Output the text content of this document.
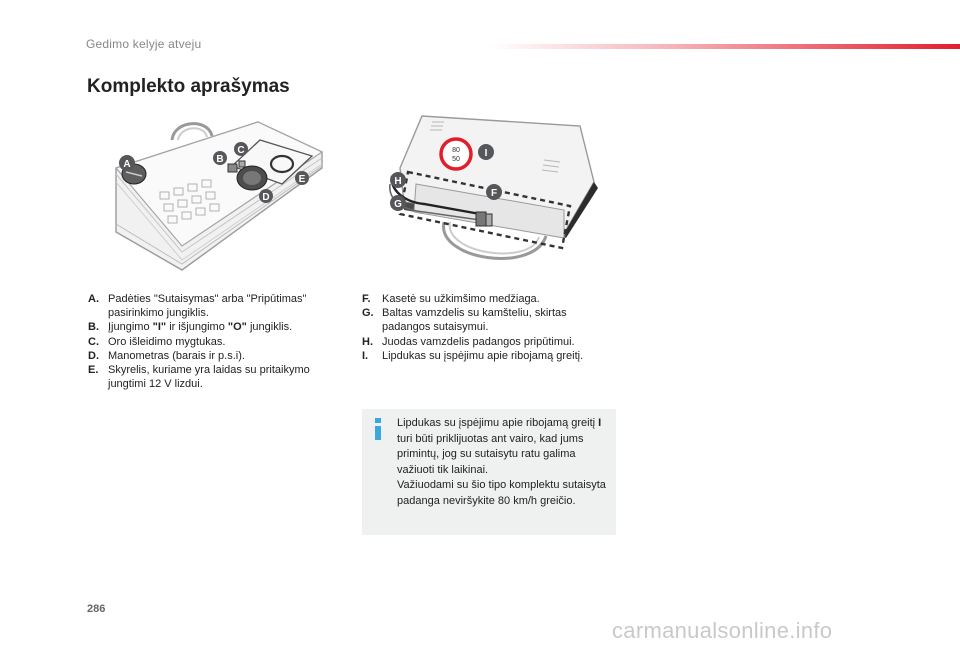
Gedimo kelyje atveju
Komplekto aprašymas
A	B
C
D
E
80
50
I
H
F
G
A. Padėties "Sutaisymas" arba "Pripūtimas" pasirinkimo jungiklis.
B. Įjungimo "I" ir išjungimo "O" jungiklis.
C. Oro išleidimo mygtukas.
D. Manometras (barais ir p.s.i).
E. Skyrelis, kuriame yra laidas su pritaikymo jungtimi 12 V lizdui.
F.	Kasetė su užkimšimo medžiaga.
G. Baltas vamzdelis su kamšteliu, skirtas padangos sutaisymui.
H. Juodas vamzdelis padangos pripūtimui.
I.	Lipdukas su įspėjimu apie ribojamą greitį.
Lipdukas su įspėjimu apie ribojamą greitį I turi būti priklijuotas ant vairo, kad jums primintų, jog su sutaisytu ratu galima važiuoti tik laikinai.
Važiuodami su šio tipo komplektu sutaisyta padanga neviršykite 80 km/h greičio.
286
carmanualsonline.info
